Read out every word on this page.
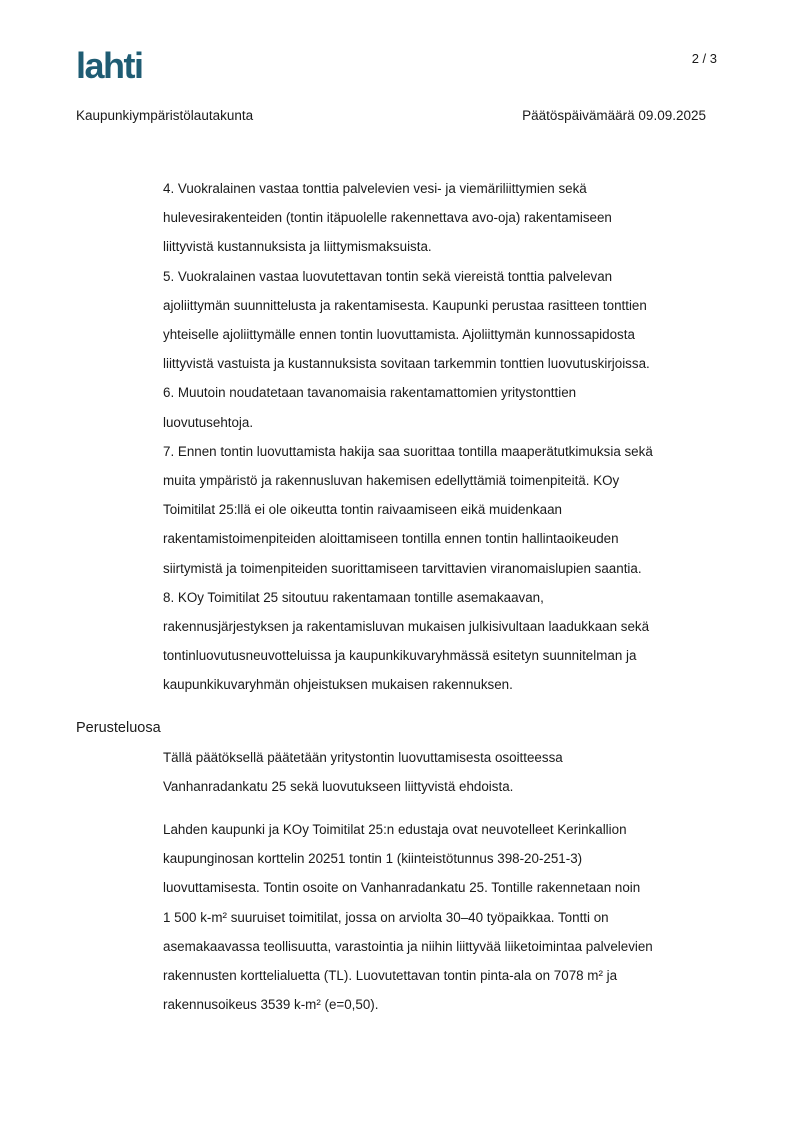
lahti	2 / 3
Kaupunkiympäristölautakunta	Päätöspäivämäärä 09.09.2025

4. Vuokralainen vastaa tonttia palvelevien vesi- ja viemäriliittymien sekä

hulevesirakenteiden (tontin itäpuolelle rakennettava avo-oja) rakentamiseen

liittyvistä kustannuksista ja liittymismaksuista.

5. Vuokralainen vastaa luovutettavan tontin sekä viereistä tonttia palvelevan

ajoliittymän suunnittelusta ja rakentamisesta. Kaupunki perustaa rasitteen tonttien

yhteiselle ajoliittymälle ennen tontin luovuttamista. Ajoliittymän kunnossapidosta

liittyvistä vastuista ja kustannuksista sovitaan tarkemmin tonttien luovutuskirjoissa.

6. Muutoin noudatetaan tavanomaisia rakentamattomien yritystonttien

luovutusehtoja.

7. Ennen tontin luovuttamista hakija saa suorittaa tontilla maaperätutkimuksia sekä

muita ympäristö ja rakennusluvan hakemisen edellyttämiä toimenpiteitä. KOy

Toimitilat 25:llä ei ole oikeutta tontin raivaamiseen eikä muidenkaan

rakentamistoimenpiteiden aloittamiseen tontilla ennen tontin hallintaoikeuden

siirtymistä ja toimenpiteiden suorittamiseen tarvittavien viranomaislupien saantia.

8. KOy Toimitilat 25 sitoutuu rakentamaan tontille asemakaavan,

rakennusjärjestyksen ja rakentamisluvan mukaisen julkisivultaan laadukkaan sekä

tontinluovutusneuvotteluissa ja kaupunkikuvaryhmässä esitetyn suunnitelman ja

kaupunkikuvaryhmän ohjeistuksen mukaisen rakennuksen.

Perusteluosa

Tällä päätöksellä päätetään yritystontin luovuttamisesta osoitteessa

Vanhanradankatu 25 sekä luovutukseen liittyvistä ehdoista.

Lahden kaupunki ja KOy Toimitilat 25:n edustaja ovat neuvotelleet Kerinkallion

kaupunginosan korttelin 20251 tontin 1 (kiinteistötunnus 398-20-251-3)

luovuttamisesta. Tontin osoite on Vanhanradankatu 25. Tontille rakennetaan noin

1 500 k-m² suuruiset toimitilat, jossa on arviolta 30–40 työpaikkaa. Tontti on

asemakaavassa teollisuutta, varastointia ja niihin liittyvää liiketoimintaa palvelevien

rakennusten korttelialuetta (TL). Luovutettavan tontin pinta-ala on 7078 m² ja

rakennusoikeus 3539 k-m² (e=0,50).
